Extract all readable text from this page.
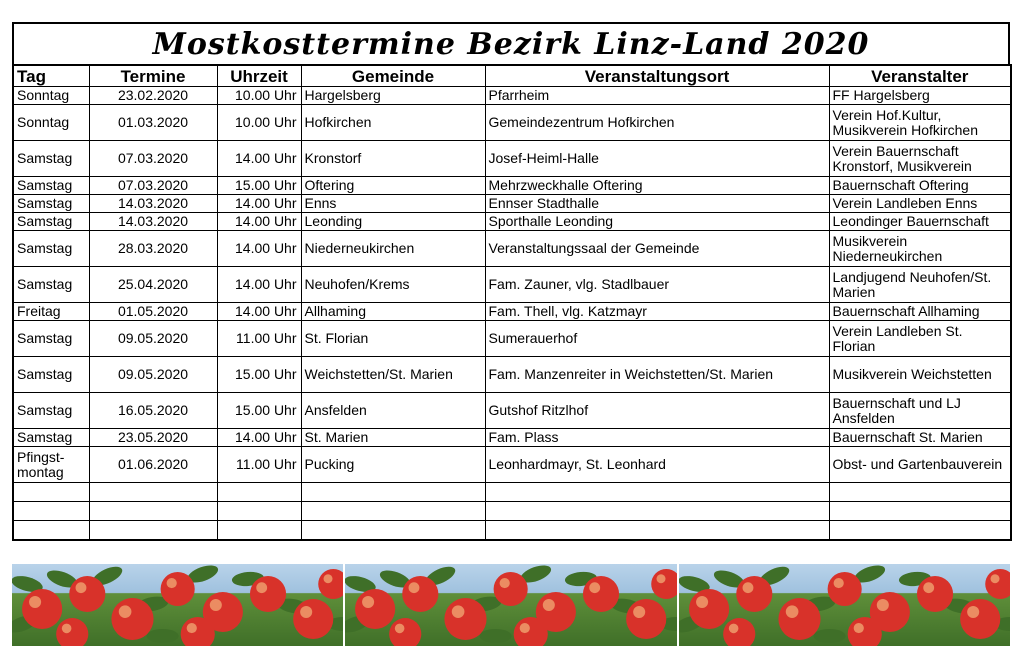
Mostkosttermine Bezirk Linz-Land 2020
Tag	Termine	Uhrzeit	Gemeinde	Veranstaltungsort	Veranstalter
Sonntag	23.02.2020	10.00 Uhr	Hargelsberg	Pfarrheim	FF Hargelsberg
Sonntag	01.03.2020	10.00 Uhr	Hofkirchen	Gemeindezentrum Hofkirchen	Verein Hof.Kultur, Musikverein Hofkirchen
Samstag	07.03.2020	14.00 Uhr	Kronstorf	Josef-Heiml-Halle	Verein Bauernschaft Kronstorf, Musikverein
Samstag	07.03.2020	15.00 Uhr	Oftering	Mehrzweckhalle Oftering	Bauernschaft Oftering
Samstag	14.03.2020	14.00 Uhr	Enns	Ennser Stadthalle	Verein Landleben Enns
Samstag	14.03.2020	14.00 Uhr	Leonding	Sporthalle Leonding	Leondinger Bauernschaft
Samstag	28.03.2020	14.00 Uhr	Niederneukirchen	Veranstaltungssaal der Gemeinde	Musikverein Niederneukirchen
Samstag	25.04.2020	14.00 Uhr	Neuhofen/Krems	Fam. Zauner, vlg. Stadlbauer	Landjugend Neuhofen/St. Marien
Freitag	01.05.2020	14.00 Uhr	Allhaming	Fam. Thell, vlg. Katzmayr	Bauernschaft Allhaming
Samstag	09.05.2020	11.00 Uhr	St. Florian	Sumerauerhof	Verein Landleben St. Florian
Samstag	09.05.2020	15.00 Uhr	Weichstetten/St. Marien	Fam. Manzenreiter in Weichstetten/St. Marien	Musikverein Weichstetten
Samstag	16.05.2020	15.00 Uhr	Ansfelden	Gutshof Ritzlhof	Bauernschaft und LJ Ansfelden
Samstag	23.05.2020	14.00 Uhr	St. Marien	Fam. Plass	Bauernschaft St. Marien
Pfingst-montag	01.06.2020	11.00 Uhr	Pucking	Leonhardmayr, St. Leonhard	Obst- und Gartenbauverein
